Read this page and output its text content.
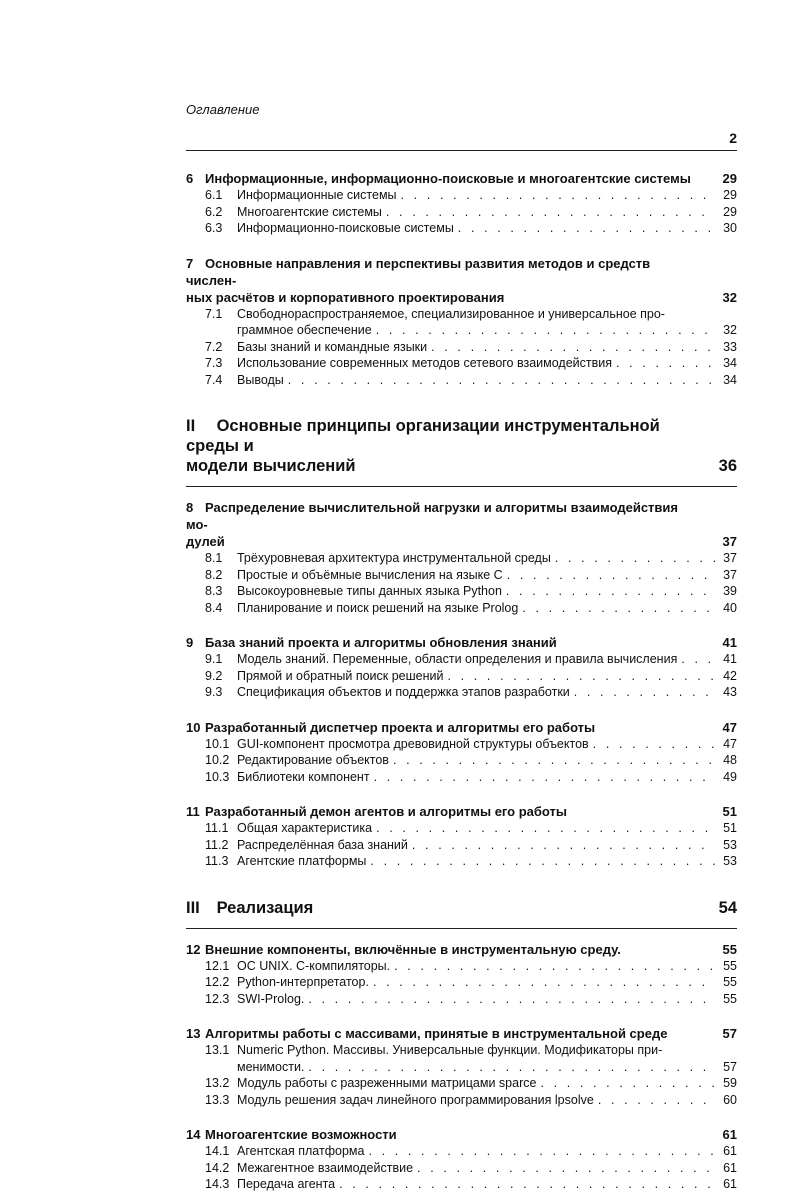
Оглавление
2
6 Информационные, информационно-поисковые и многоагентские системы	29
6.1	Информационные системы . . .	29
6.2	Многоагентские системы . . .	29
6.3	Информационно-поисковые системы . . .	30
7 Основные направления и перспективы развития методов и средств числен-
ных расчётов и корпоративного проектирования	32
7.1	Свободнораспространяемое, специализированное и универсальное про-
граммное обеспечение . . .	32
7.2	Базы знаний и командные языки . . .	33
7.3	Использование современных методов сетевого взаимодействия . . .	34
7.4	Выводы . . .	34
II Основные принципы организации инструментальной среды и
модели вычислений	36
8 Распределение вычислительной нагрузки и алгоритмы взаимодействия мо-
дулей	37
8.1	Трёхуровневая архитектура инструментальной среды . . .	37
8.2	Простые и объёмные вычисления на языке C . . .	37
8.3	Высокоуровневые типы данных языка Python . . .	39
8.4	Планирование и поиск решений на языке Prolog . . .	40
9 База знаний проекта и алгоритмы обновления знаний	41
9.1	Модель знаний. Переменные, области определения и правила вычисления . . .	41
9.2	Прямой и обратный поиск решений . . .	42
9.3	Спецификация объектов и поддержка этапов разработки . . .	43
10 Разработанный диспетчер проекта и алгоритмы его работы	47
10.1 GUI-компонент просмотра древовидной структуры объектов . . .	47
10.2 Редактирование объектов . . .	48
10.3 Библиотеки компонент . . .	49
11 Разработанный демон агентов и алгоритмы его работы	51
11.1 Общая характеристика . . .	51
11.2 Распределённая база знаний . . .	53
11.3 Агентские платформы . . .	53
III Реализация	54
12 Внешние компоненты, включённые в инструментальную среду.	55
12.1 ОС UNIX. С-компиляторы. . . .	55
12.2 Python-интерпретатор. . . .	55
12.3 SWI-Prolog. . . .	55
13 Алгоритмы работы с массивами, принятые в инструментальной среде	57
13.1 Numeric Python. Массивы. Универсальные функции. Модификаторы при-
менимости. . . .	57
13.2 Модуль работы с разреженными матрицами sparce . . .	59
13.3 Модуль решения задач линейного программирования lpsolve . . .	60
14 Многоагентские возможности	61
14.1 Агентская платформа . . .	61
14.2 Межагентное взаимодействие . . .	61
14.3 Передача агента . . .	61
